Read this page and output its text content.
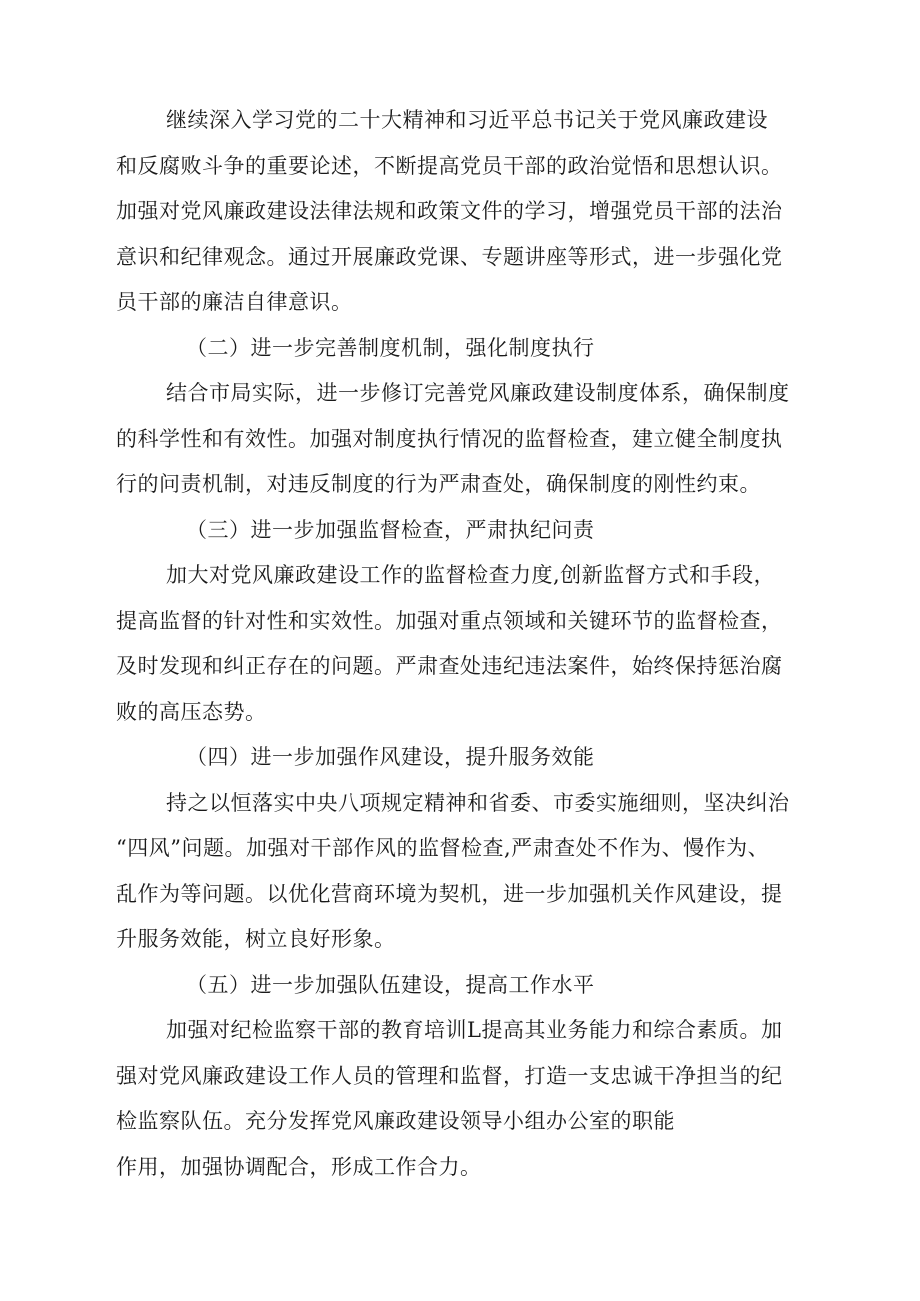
继续深入学习党的二十大精神和习近平总书记关于党风廉政建设
和反腐败斗争的重要论述，不断提高党员干部的政治觉悟和思想认识。
加强对党风廉政建设法律法规和政策文件的学习，增强党员干部的法治
意识和纪律观念。通过开展廉政党课、专题讲座等形式，进一步强化党
员干部的廉洁自律意识。
（二）进一步完善制度机制，强化制度执行
结合市局实际，进一步修订完善党风廉政建设制度体系，确保制度
的科学性和有效性。加强对制度执行情况的监督检查，建立健全制度执
行的问责机制，对违反制度的行为严肃查处，确保制度的刚性约束。
（三）进一步加强监督检查，严肃执纪问责
加大对党风廉政建设工作的监督检查力度,创新监督方式和手段，
提高监督的针对性和实效性。加强对重点领域和关键环节的监督检查，
及时发现和纠正存在的问题。严肃查处违纪违法案件，始终保持惩治腐
败的高压态势。
（四）进一步加强作风建设，提升服务效能
持之以恒落实中央八项规定精神和省委、市委实施细则，坚决纠治
“四风”问题。加强对干部作风的监督检查,严肃查处不作为、慢作为、
乱作为等问题。以优化营商环境为契机，进一步加强机关作风建设，提
升服务效能，树立良好形象。
（五）进一步加强队伍建设，提高工作水平
加强对纪检监察干部的教育培训L提高其业务能力和综合素质。加
强对党风廉政建设工作人员的管理和监督，打造一支忠诚干净担当的纪
检监察队伍。充分发挥党风廉政建设领导小组办公室的职能
作用，加强协调配合，形成工作合力。
